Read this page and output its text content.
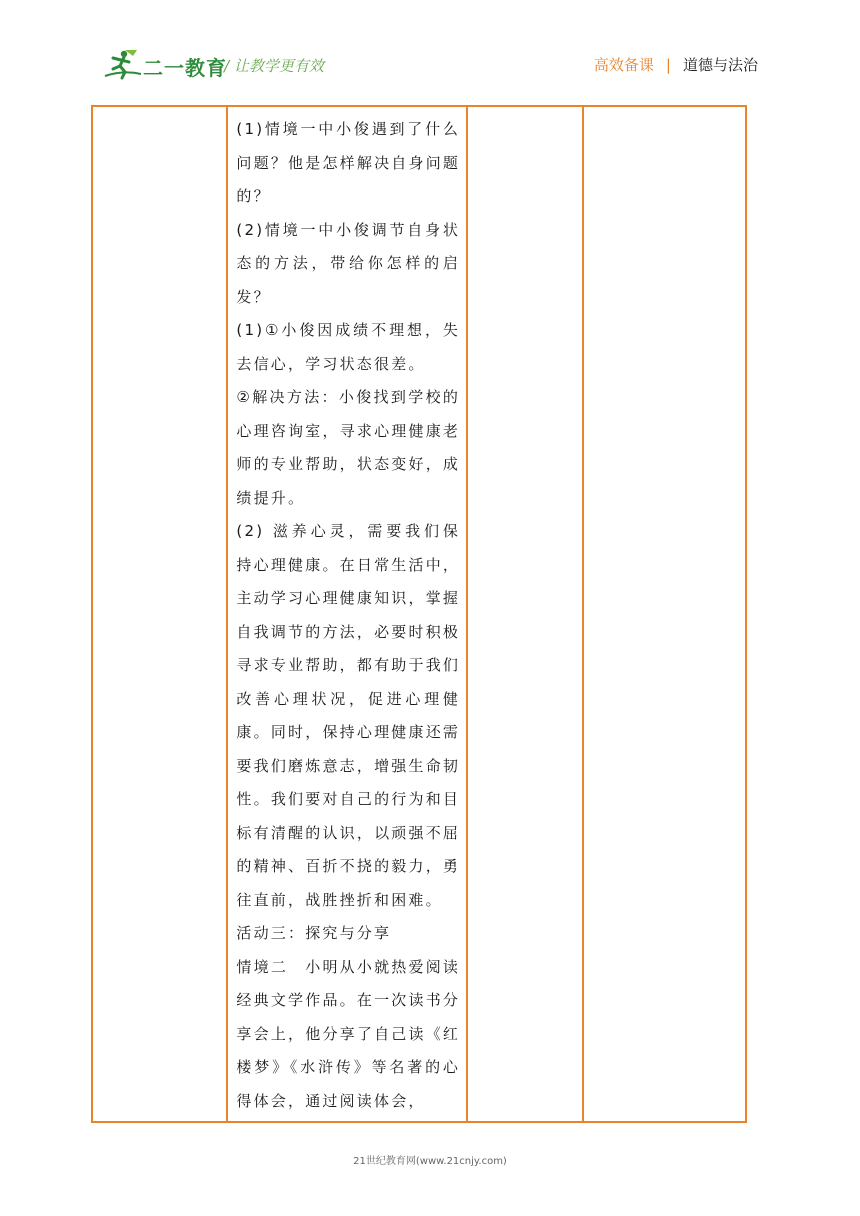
二一教育
/ 让教学更有效	高效备课 | 道德与法治

(1)情境一中小俊遇到了什么问题？他是怎样解决自身问题的？

(2)情境一中小俊调节自身状态的方法，带给你怎样的启发？

(1)①小俊因成绩不理想，失去信心，学习状态很差。

②解决方法：小俊找到学校的心理咨询室，寻求心理健康老师的专业帮助，状态变好，成绩提升。

(2) 滋养心灵，需要我们保持心理健康。在日常生活中，主动学习心理健康知识，掌握自我调节的方法，必要时积极寻求专业帮助，都有助于我们改善心理状况，促进心理健康。同时，保持心理健康还需要我们磨炼意志，增强生命韧性。我们要对自己的行为和目标有清醒的认识，以顽强不屈的精神、百折不挠的毅力，勇往直前，战胜挫折和困难。

活动三：探究与分享

情境二　小明从小就热爱阅读经典文学作品。在一次读书分享会上，他分享了自己读《红楼梦》《水浒传》等名著的心得体会，通过阅读体会，

21世纪教育网(www.21cnjy.com)
